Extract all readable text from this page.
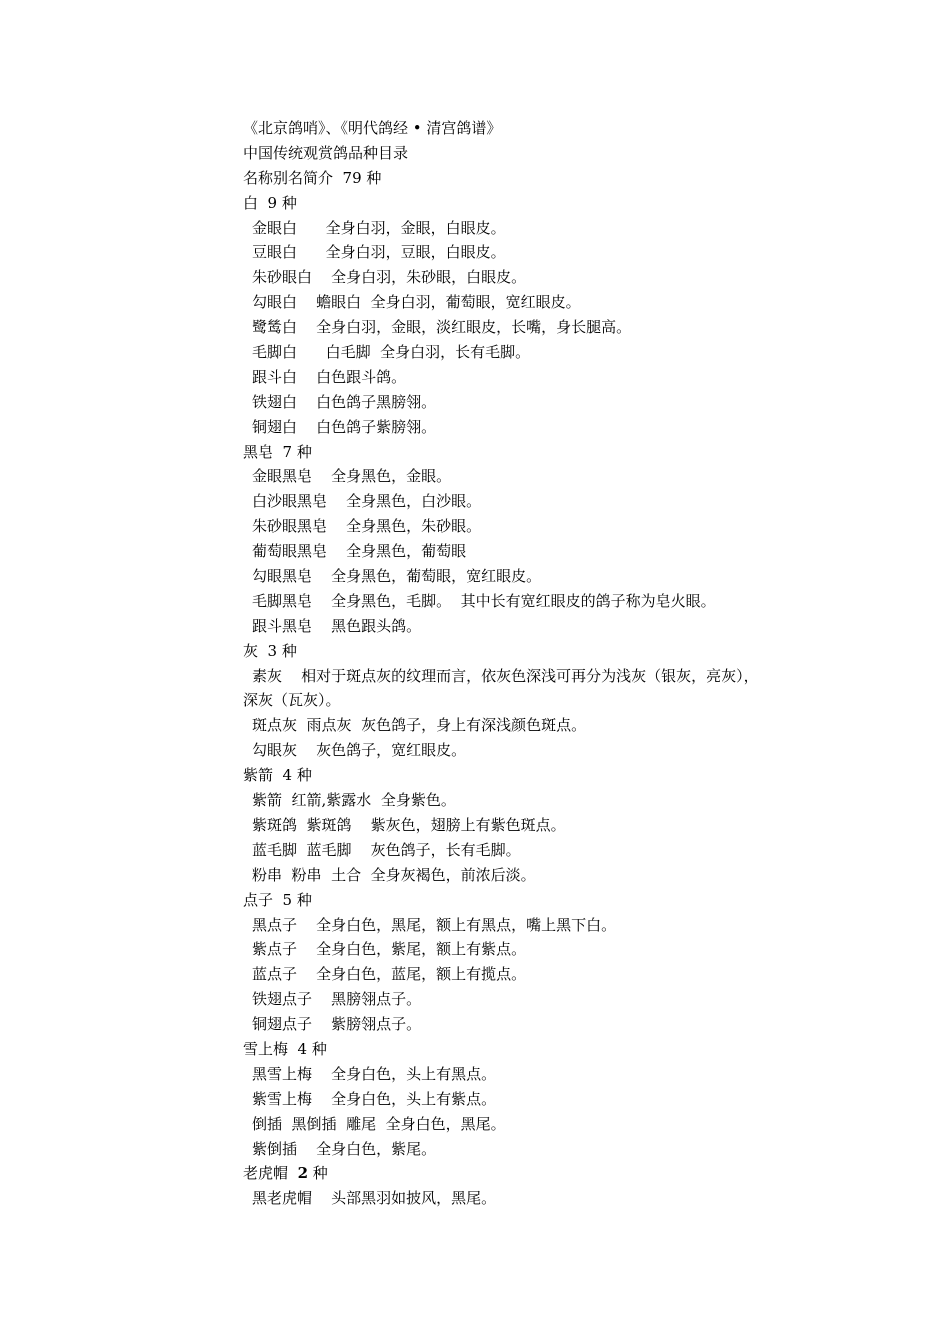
《北京鸽哨》、《明代鸽经 • 清宫鸽谱》
中国传统观赏鸽品种目录
名称别名简介  79 种
白  9 种
金眼白      全身白羽，金眼，白眼皮。
豆眼白      全身白羽，豆眼，白眼皮。
朱砂眼白    全身白羽，朱砂眼，白眼皮。
勾眼白    蟾眼白  全身白羽，葡萄眼，宽红眼皮。
鹭鸶白    全身白羽，金眼，淡红眼皮，长嘴，身长腿高。
毛脚白      白毛脚  全身白羽，长有毛脚。
跟斗白    白色跟斗鸽。
铁翅白    白色鸽子黑膀翎。
铜翅白    白色鸽子紫膀翎。
黑皂  7 种
金眼黑皂    全身黑色，金眼。
白沙眼黑皂    全身黑色，白沙眼。
朱砂眼黑皂    全身黑色，朱砂眼。
葡萄眼黑皂    全身黑色，葡萄眼
勾眼黑皂    全身黑色，葡萄眼，宽红眼皮。
毛脚黑皂    全身黑色，毛脚。  其中长有宽红眼皮的鸽子称为皂火眼。
跟斗黑皂    黑色跟头鸽。
灰  3 种
素灰    相对于斑点灰的纹理而言，依灰色深浅可再分为浅灰（银灰，亮灰），
深灰（瓦灰）。
斑点灰  雨点灰  灰色鸽子，身上有深浅颜色斑点。
勾眼灰    灰色鸽子，宽红眼皮。
紫箭  4 种
紫箭  红箭,紫露水  全身紫色。
紫斑鸽  紫斑鸽    紫灰色，翅膀上有紫色斑点。
蓝毛脚  蓝毛脚    灰色鸽子，长有毛脚。
粉串  粉串  土合  全身灰褐色，前浓后淡。
点子  5 种
黑点子    全身白色，黑尾，额上有黑点，嘴上黑下白。
紫点子    全身白色，紫尾，额上有紫点。
蓝点子    全身白色，蓝尾，额上有揽点。
铁翅点子    黑膀翎点子。
铜翅点子    紫膀翎点子。
雪上梅  4 种
黑雪上梅    全身白色，头上有黑点。
紫雪上梅    全身白色，头上有紫点。
倒插  黑倒插  雕尾  全身白色，黑尾。
紫倒插    全身白色，紫尾。
老虎帽 2 种
黑老虎帽    头部黑羽如披风，黑尾。
